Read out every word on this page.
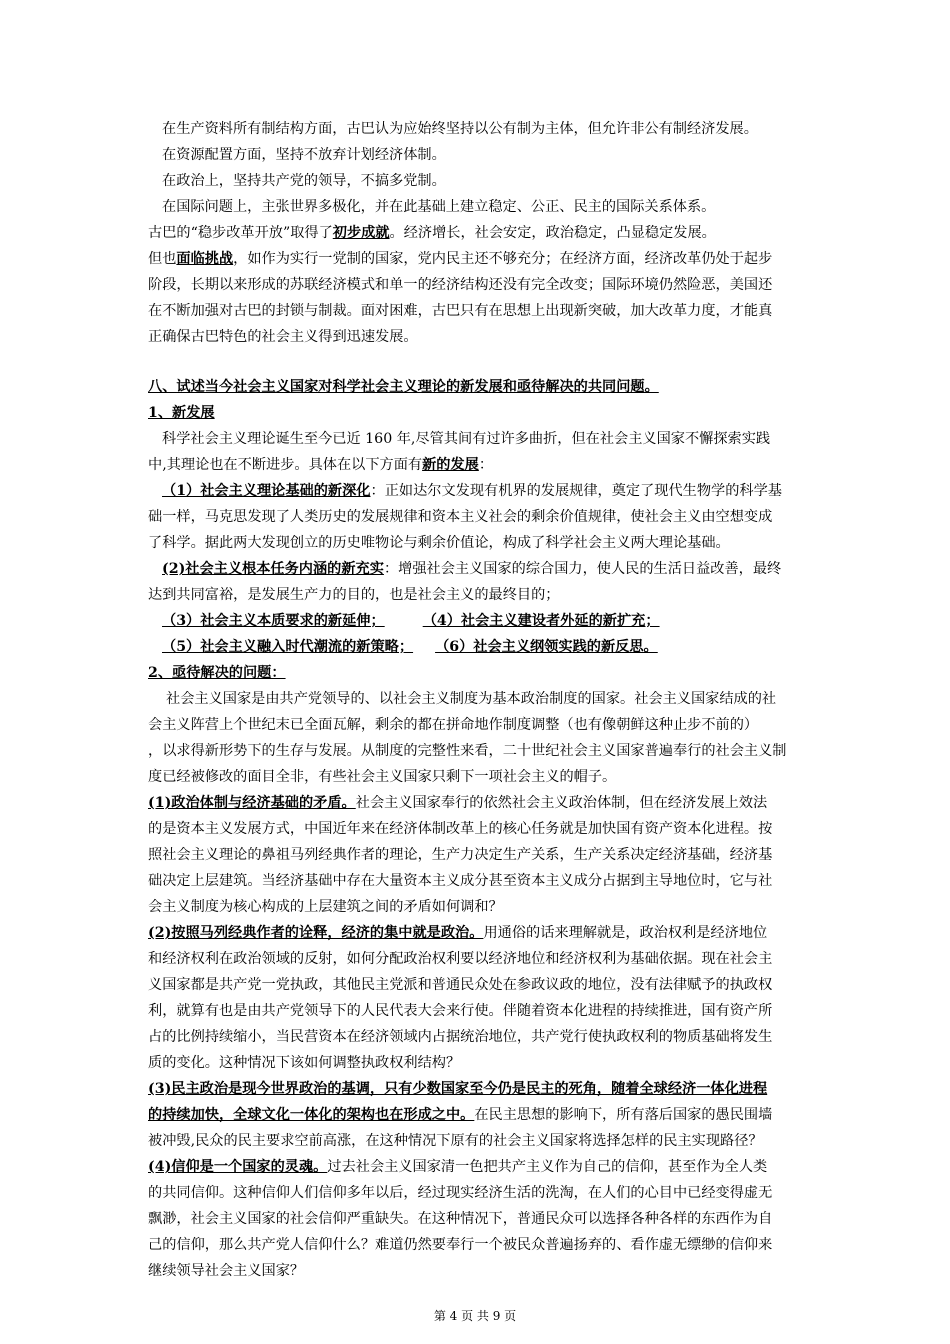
在生产资料所有制结构方面，古巴认为应始终坚持以公有制为主体，但允许非公有制经济发展。
在资源配置方面，坚持不放弃计划经济体制。
在政治上，坚持共产党的领导，不搞多党制。
在国际问题上，主张世界多极化，并在此基础上建立稳定、公正、民主的国际关系体系。
古巴的“稳步改革开放”取得了初步成就。经济增长，社会安定，政治稳定，凸显稳定发展。
但也面临挑战，如作为实行一党制的国家，党内民主还不够充分；在经济方面，经济改革仍处于起步
阶段，长期以来形成的苏联经济模式和单一的经济结构还没有完全改变；国际环境仍然险恶，美国还
在不断加强对古巴的封锁与制裁。面对困难，古巴只有在思想上出现新突破，加大改革力度，才能真
正确保古巴特色的社会主义得到迅速发展。
八、试述当今社会主义国家对科学社会主义理论的新发展和亟待解决的共同问题。
1、新发展
科学社会主义理论诞生至今已近 160 年,尽管其间有过许多曲折，但在社会主义国家不懈探索实践
中,其理论也在不断进步。具体在以下方面有新的发展：
（1）社会主义理论基础的新深化：正如达尔文发现有机界的发展规律，奠定了现代生物学的科学基
础一样，马克思发现了人类历史的发展规律和资本主义社会的剩余价值规律，使社会主义由空想变成
了科学。据此两大发现创立的历史唯物论与剩余价值论，构成了科学社会主义两大理论基础。
(2)社会主义根本任务内涵的新充实：增强社会主义国家的综合国力，使人民的生活日益改善，最终
达到共同富裕，是发展生产力的目的，也是社会主义的最终目的；
（3）社会主义本质要求的新延伸；	（4）社会主义建设者外延的新扩充；
（5）社会主义融入时代潮流的新策略； （6）社会主义纲领实践的新反思。
2、亟待解决的问题：
社会主义国家是由共产党领导的、以社会主义制度为基本政治制度的国家。社会主义国家结成的社
会主义阵营上个世纪末已全面瓦解，剩余的都在拼命地作制度调整（也有像朝鲜这种止步不前的）
，以求得新形势下的生存与发展。从制度的完整性来看，二十世纪社会主义国家普遍奉行的社会主义制
度已经被修改的面目全非，有些社会主义国家只剩下一项社会主义的帽子。
(1)政治体制与经济基础的矛盾。社会主义国家奉行的依然社会主义政治体制，但在经济发展上效法
的是资本主义发展方式，中国近年来在经济体制改革上的核心任务就是加快国有资产资本化进程。按
照社会主义理论的鼻祖马列经典作者的理论，生产力决定生产关系，生产关系决定经济基础，经济基
础决定上层建筑。当经济基础中存在大量资本主义成分甚至资本主义成分占据到主导地位时，它与社
会主义制度为核心构成的上层建筑之间的矛盾如何调和？
(2)按照马列经典作者的诠释，经济的集中就是政治。用通俗的话来理解就是，政治权利是经济地位
和经济权利在政治领域的反射，如何分配政治权利要以经济地位和经济权利为基础依据。现在社会主
义国家都是共产党一党执政，其他民主党派和普通民众处在参政议政的地位，没有法律赋予的执政权
利，就算有也是由共产党领导下的人民代表大会来行使。伴随着资本化进程的持续推进，国有资产所
占的比例持续缩小，当民营资本在经济领域内占据统治地位，共产党行使执政权利的物质基础将发生
质的变化。这种情况下该如何调整执政权利结构？
(3)民主政治是现今世界政治的基调，只有少数国家至今仍是民主的死角，随着全球经济一体化进程
的持续加快，全球文化一体化的架构也在形成之中。在民主思想的影响下，所有落后国家的愚民围墙
被冲毁,民众的民主要求空前高涨，在这种情况下原有的社会主义国家将选择怎样的民主实现路径？
(4)信仰是一个国家的灵魂。过去社会主义国家清一色把共产主义作为自己的信仰，甚至作为全人类
的共同信仰。这种信仰人们信仰多年以后，经过现实经济生活的洗淘，在人们的心目中已经变得虚无
飘渺，社会主义国家的社会信仰严重缺失。在这种情况下，普通民众可以选择各种各样的东西作为自
己的信仰，那么共产党人信仰什么？难道仍然要奉行一个被民众普遍扬弃的、看作虚无缥缈的信仰来
继续领导社会主义国家？
第 4 页 共 9 页
